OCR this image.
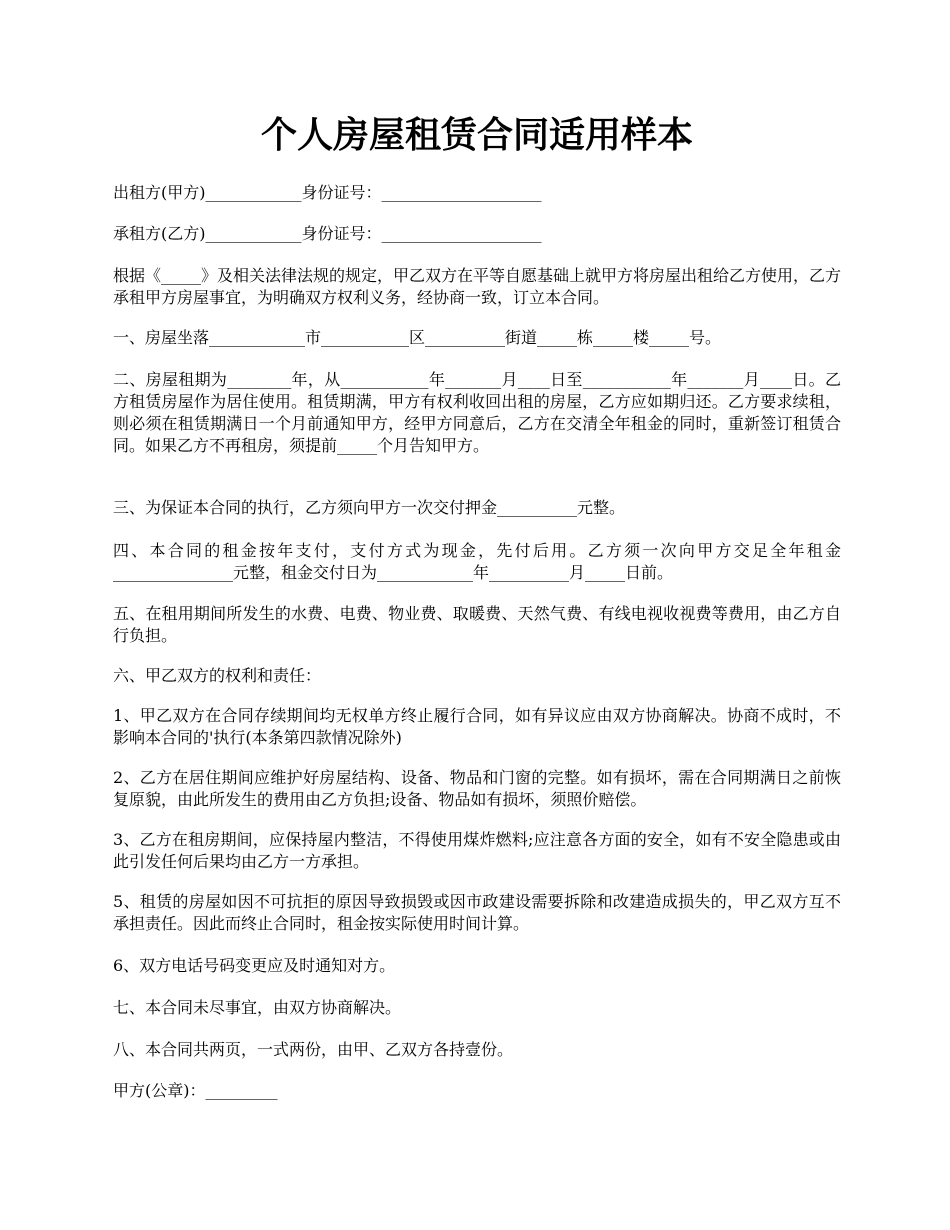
个人房屋租赁合同适用样本

出租方(甲方)____________身份证号：____________________

承租方(乙方)____________身份证号：____________________

根据《_____》及相关法律法规的规定，甲乙双方在平等自愿基础上就甲方将房屋出租给乙方使用，乙方承租甲方房屋事宜，为明确双方权利义务，经协商一致，订立本合同。

一、房屋坐落____________市___________区__________街道_____栋_____楼_____号。

二、房屋租期为________年，从___________年_______月____日至___________年_______月____日。乙方租赁房屋作为居住使用。租赁期满，甲方有权利收回出租的房屋，乙方应如期归还。乙方要求续租，则必须在租赁期满日一个月前通知甲方，经甲方同意后，乙方在交清全年租金的同时，重新签订租赁合同。如果乙方不再租房，须提前_____个月告知甲方。

三、为保证本合同的执行，乙方须向甲方一次交付押金__________元整。

四、本合同的租金按年支付，支付方式为现金，先付后用。乙方须一次向甲方交足全年租金_______________元整，租金交付日为____________年__________月_____日前。

五、在租用期间所发生的水费、电费、物业费、取暖费、天然气费、有线电视收视费等费用，由乙方自行负担。

六、甲乙双方的权利和责任：

1、甲乙双方在合同存续期间均无权单方终止履行合同，如有异议应由双方协商解决。协商不成时，不影响本合同的'执行(本条第四款情况除外)

2、乙方在居住期间应维护好房屋结构、设备、物品和门窗的完整。如有损坏，需在合同期满日之前恢复原貌，由此所发生的费用由乙方负担;设备、物品如有损坏，须照价赔偿。

3、乙方在租房期间，应保持屋内整洁，不得使用煤炸燃料;应注意各方面的安全，如有不安全隐患或由此引发任何后果均由乙方一方承担。

5、租赁的房屋如因不可抗拒的原因导致损毁或因市政建设需要拆除和改建造成损失的，甲乙双方互不承担责任。因此而终止合同时，租金按实际使用时间计算。

6、双方电话号码变更应及时通知对方。

七、本合同未尽事宜，由双方协商解决。

八、本合同共两页，一式两份，由甲、乙双方各持壹份。

甲方(公章)：_________
